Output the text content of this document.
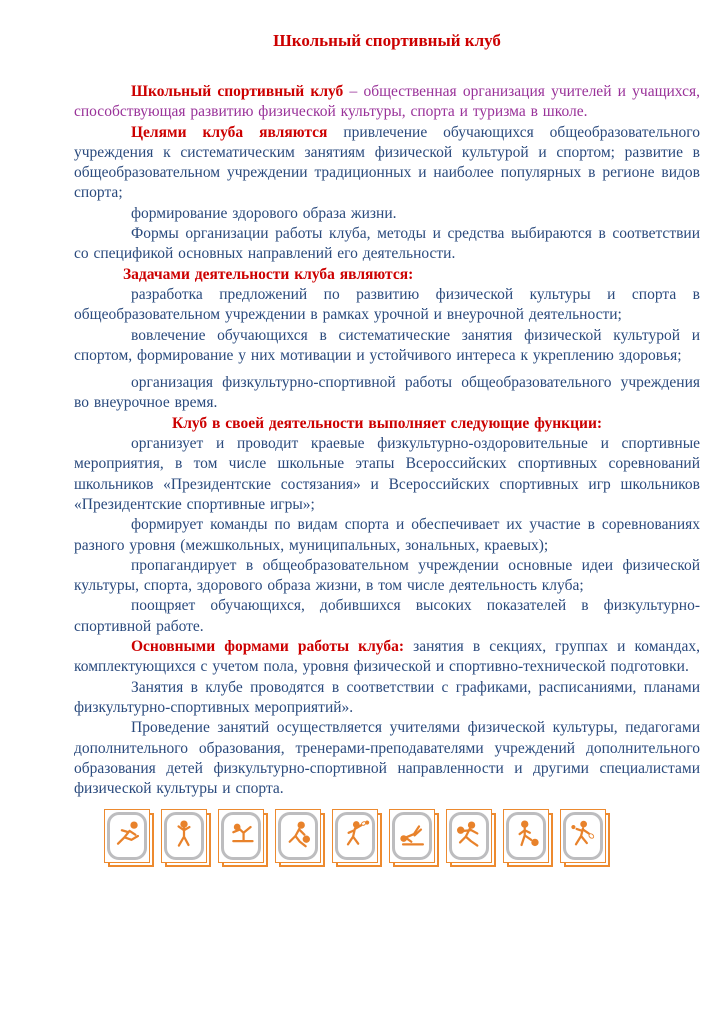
Школьный спортивный клуб

Школьный спортивный клуб – общественная организация учителей и учащихся, способствующая развитию физической культуры, спорта и туризма в школе.

Целями клуба являются привлечение обучающихся общеобразовательного учреждения к систематическим занятиям физической культурой и спортом; развитие в общеобразовательном учреждении традиционных и наиболее популярных в регионе видов спорта;

формирование здорового образа жизни.

Формы организации работы клуба, методы и средства выбираются в соответствии со спецификой основных направлений его деятельности.

Задачами деятельности клуба являются:

разработка предложений по развитию физической культуры и спорта в общеобразовательном учреждении в рамках урочной и внеурочной деятельности;

вовлечение обучающихся в систематические занятия физической культурой и спортом, формирование у них мотивации и устойчивого интереса к укреплению здоровья;

организация физкультурно-спортивной работы общеобразовательного учреждения во внеурочное время.

Клуб в своей деятельности выполняет следующие функции:

организует и проводит краевые физкультурно-оздоровительные и спортивные мероприятия, в том числе школьные этапы Всероссийских спортивных соревнований школьников «Президентские состязания» и Всероссийских спортивных игр школьников «Президентские спортивные игры»;

формирует команды по видам спорта и обеспечивает их участие в соревнованиях разного уровня (межшкольных, муниципальных, зональных, краевых);

пропагандирует в общеобразовательном учреждении основные идеи физической культуры, спорта, здорового образа жизни, в том числе деятельность клуба;

поощряет обучающихся, добившихся высоких показателей в физкультурно-спортивной работе.

Основными формами работы клуба: занятия в секциях, группах и командах, комплектующихся с учетом пола, уровня физической и спортивно-технической подготовки.

Занятия в клубе проводятся в соответствии с графиками, расписаниями, планами физкультурно-спортивных мероприятий».

Проведение занятий осуществляется учителями физической культуры, педагогами дополнительного образования, тренерами-преподавателями учреждений дополнительного образования детей физкультурно-спортивной направленности и другими специалистами физической культуры и спорта.
